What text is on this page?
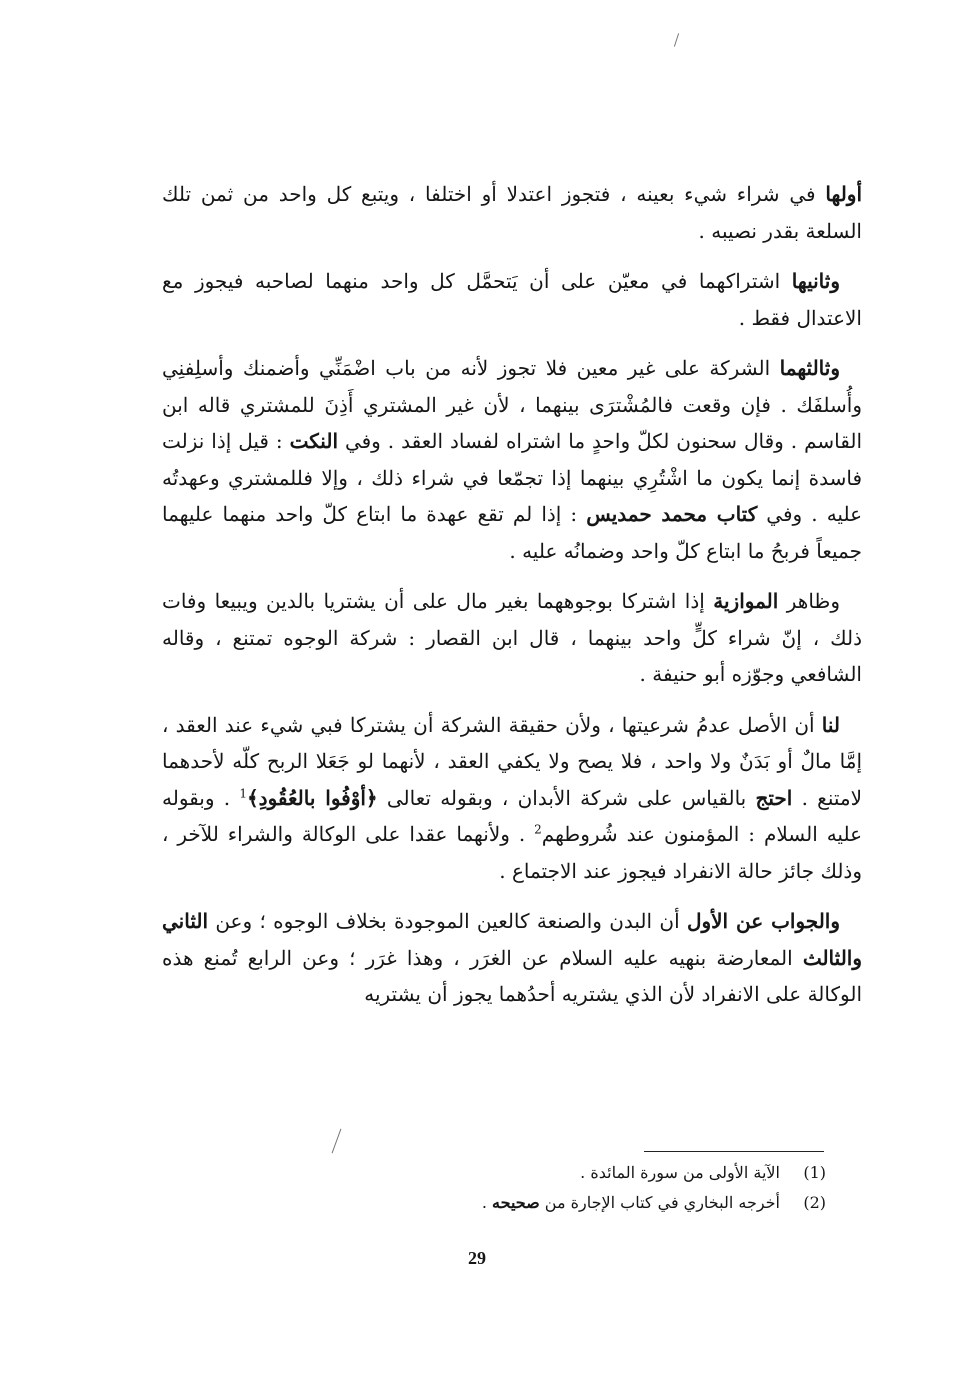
أولها في شراء شيء بعينه ، فتجوز اعتدلا أو اختلفا ، ويتبع كل واحد من ثمن تلك السلعة بقدر نصيبه .

وثانيها اشتراكهما في معيّن على أن يَتحمَّل كل واحد منهما لصاحبه فيجوز مع الاعتدال فقط .

وثالثهما الشركة على غير معين فلا تجوز لأنه من باب اضْمَنِّي وأضمنك وأسلِفنِي وأُسلفَك . فإن وقعت فالمُشْترَى بينهما ، لأن غير المشتري أَذِنَ للمشتري قاله ابن القاسم . وقال سحنون لكلّ واحدٍ ما اشتراه لفساد العقد . وفي النكت : قيل إذا نزلت فاسدة إنما يكون ما اشْتُرِي بينهما إذا تجمّعا في شراء ذلك ، وإلا فللمشتري وعهدتُه عليه . وفي كتاب محمد حمديس : إذا لم تقع عهدة ما ابتاع كلّ واحد منهما عليهما جميعاً فربحُ ما ابتاع كلّ واحد وضمانُه عليه .

وظاهر الموازية إذا اشتركا بوجوههما بغير مال على أن يشتريا بالدين ويبيعا وفات ذلك ، إنّ شراء كلٍّ واحد بينهما ، قال ابن القصار : شركة الوجوه تمتنع ، وقاله الشافعي وجوّزه أبو حنيفة .

لنا أن الأصل عدمُ شرعيتها ، ولأن حقيقة الشركة أن يشتركا فبي شيء عند العقد ، إمَّا مالٌ أو بَدَنٌ ولا واحد ، فلا يصح ولا يكفي العقد ، لأنهما لو جَعَلا الربح كلّه لأحدهما لامتنع . احتج بالقياس على شركة الأبدان ، وبقوله تعالى ﴿أوْفُوا بالعُقُودِ﴾$^1$ . وبقوله عليه السلام : المؤمنون عند شُروطهم$^2$ . ولأنهما عقدا على الوكالة والشراء للآخر ، وذلك جائز حالة الانفراد فيجوز عند الاجتماع .

والجواب عن الأول أن البدن والصنعة كالعين الموجودة بخلاف الوجوه ؛ وعن الثاني والثالث المعارضة بنهيه عليه السلام عن الغرَر ، وهذا غرَر ؛ وعن الرابع تُمنع هذه الوكالة على الانفراد لأن الذي يشتريه أحدُهما يجوز أن يشتريه

(1)
الآية الأولى من سورة المائدة .
(2)
أخرجه البخاري في كتاب الإجارة من صحيحه .
29
